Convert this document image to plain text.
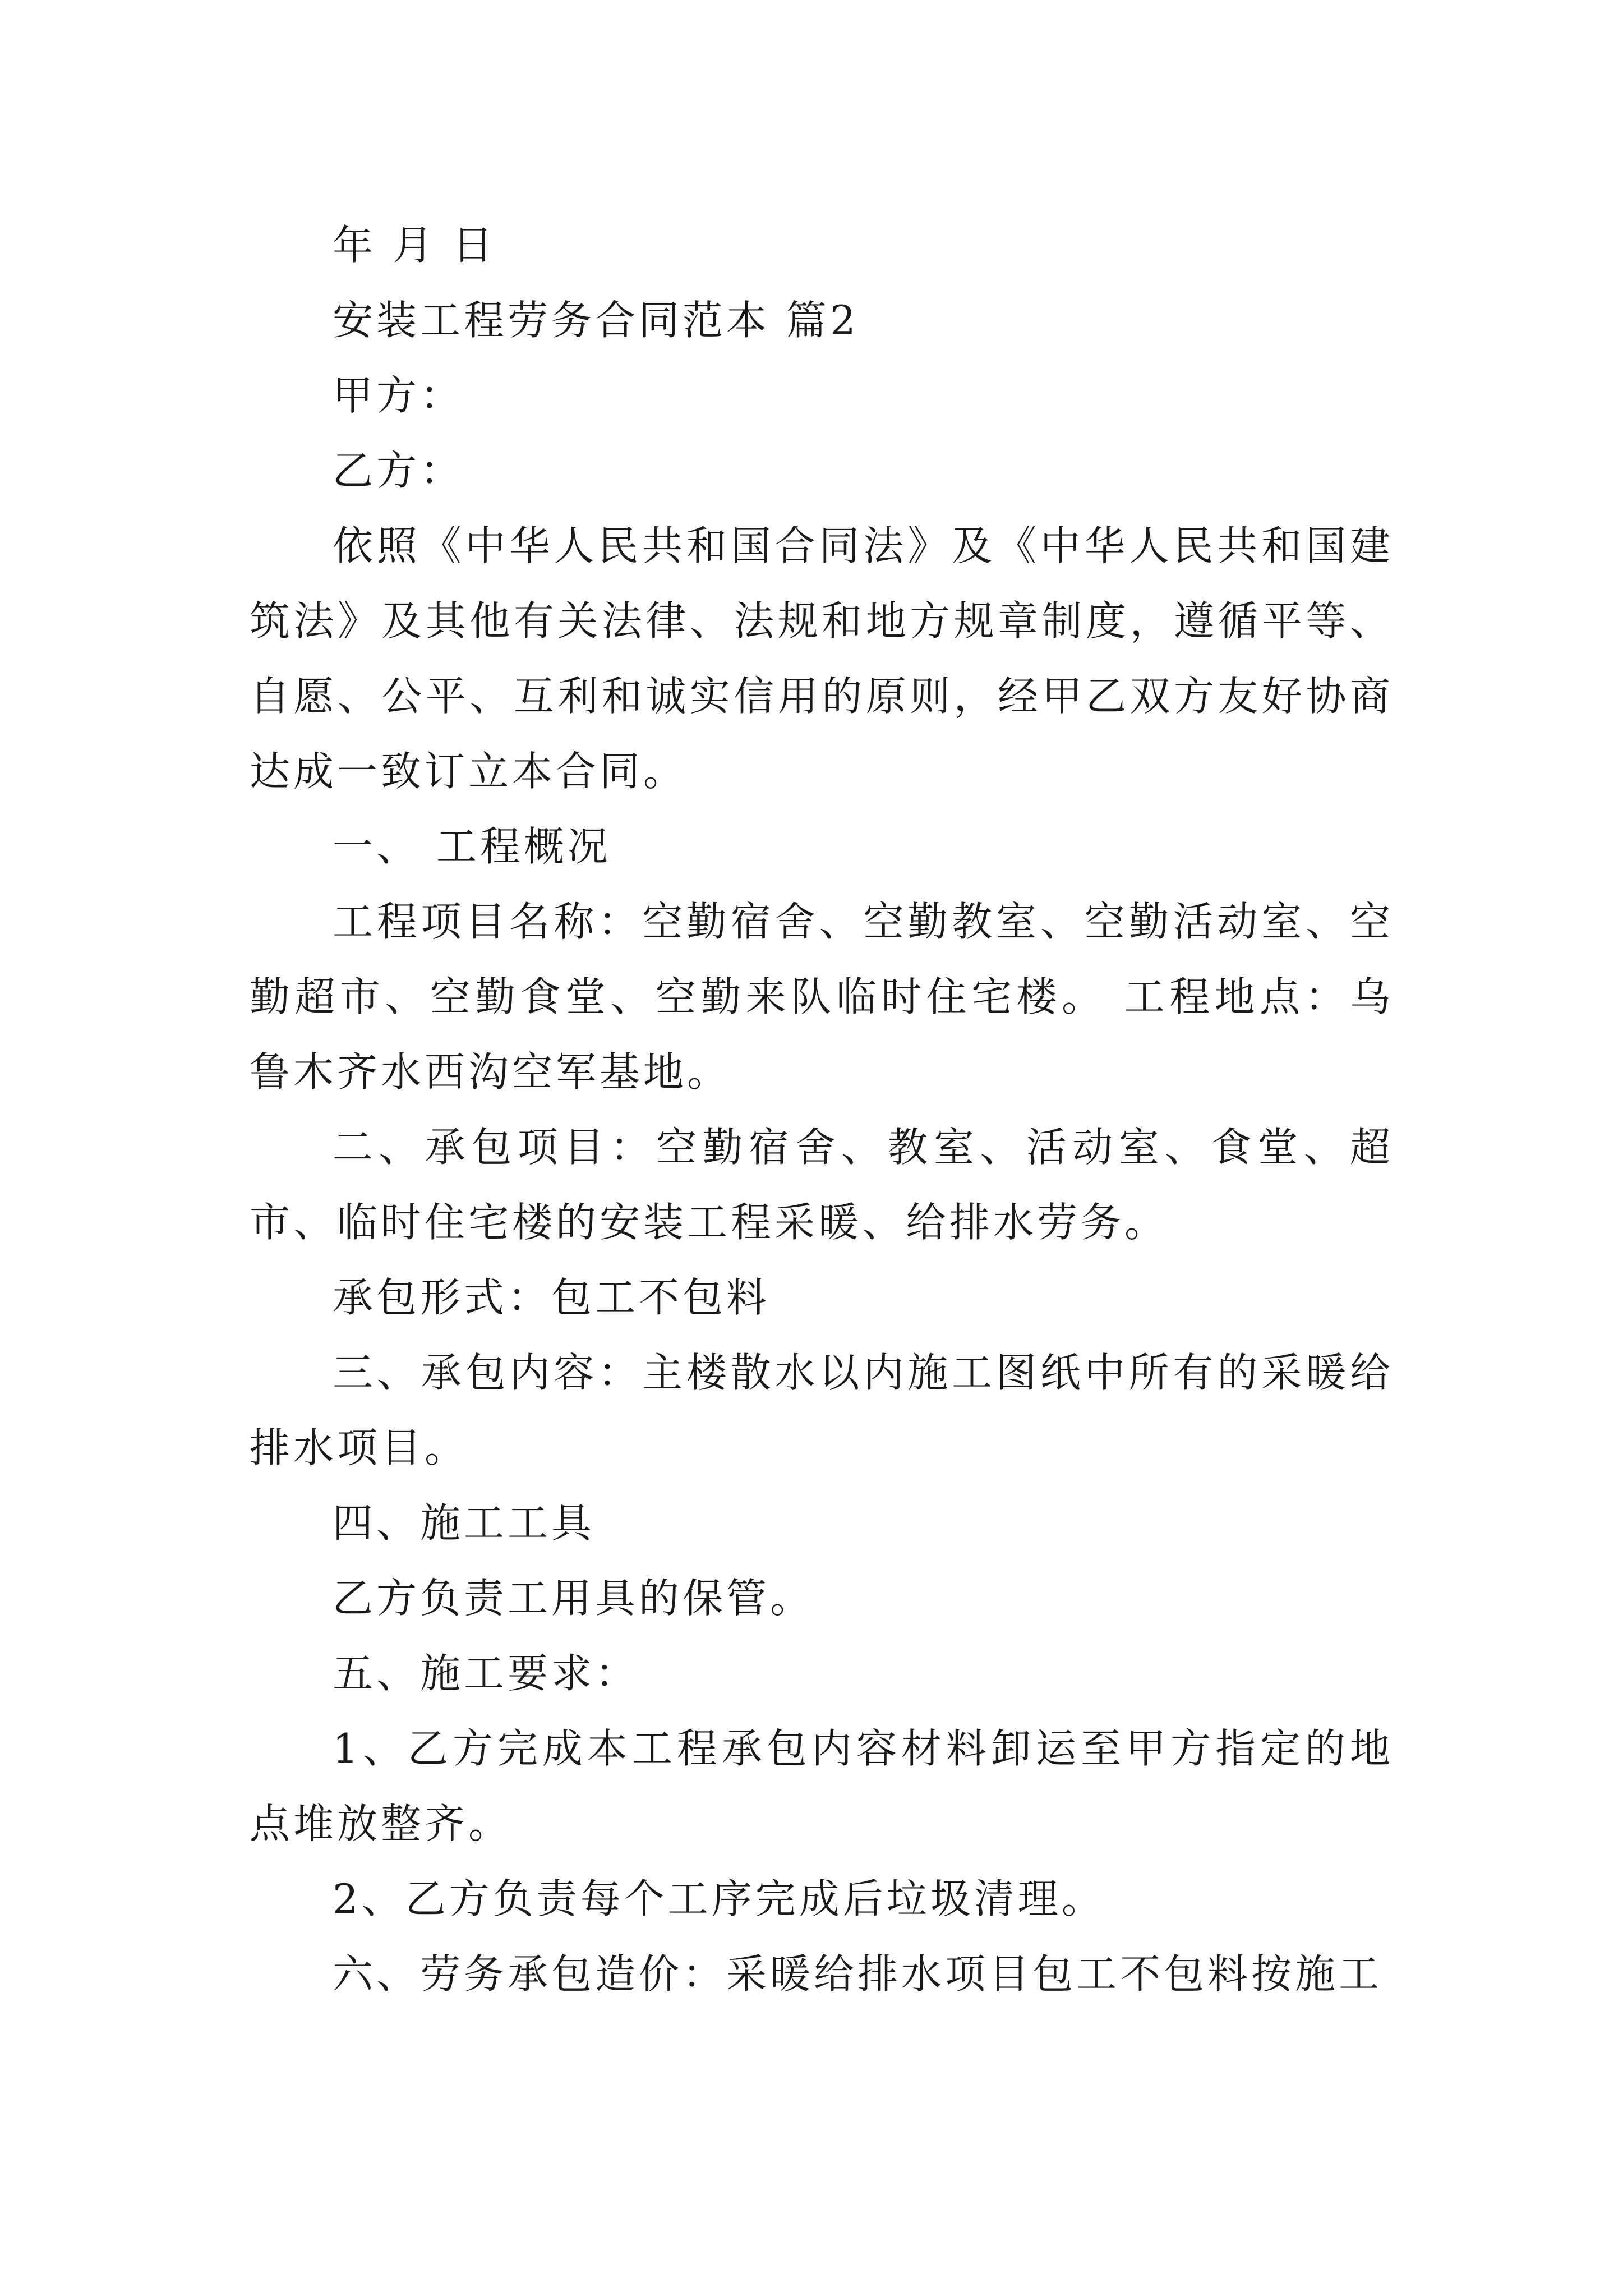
年 月 日

安装工程劳务合同范本 篇2

甲方：

乙方：

依照《中华人民共和国合同法》及《中华人民共和国建筑法》及其他有关法律、法规和地方规章制度，遵循平等、自愿、公平、互利和诚实信用的原则，经甲乙双方友好协商达成一致订立本合同。

一、 工程概况

工程项目名称：空勤宿舍、空勤教室、空勤活动室、空勤超市、空勤食堂、空勤来队临时住宅楼。 工程地点：乌鲁木齐水西沟空军基地。

二、承包项目：空勤宿舍、教室、活动室、食堂、超市、临时住宅楼的安装工程采暖、给排水劳务。

承包形式：包工不包料

三、承包内容：主楼散水以内施工图纸中所有的采暖给排水项目。

四、施工工具

乙方负责工用具的保管。

五、施工要求：

1、乙方完成本工程承包内容材料卸运至甲方指定的地点堆放整齐。

2、乙方负责每个工序完成后垃圾清理。

六、劳务承包造价：采暖给排水项目包工不包料按施工
